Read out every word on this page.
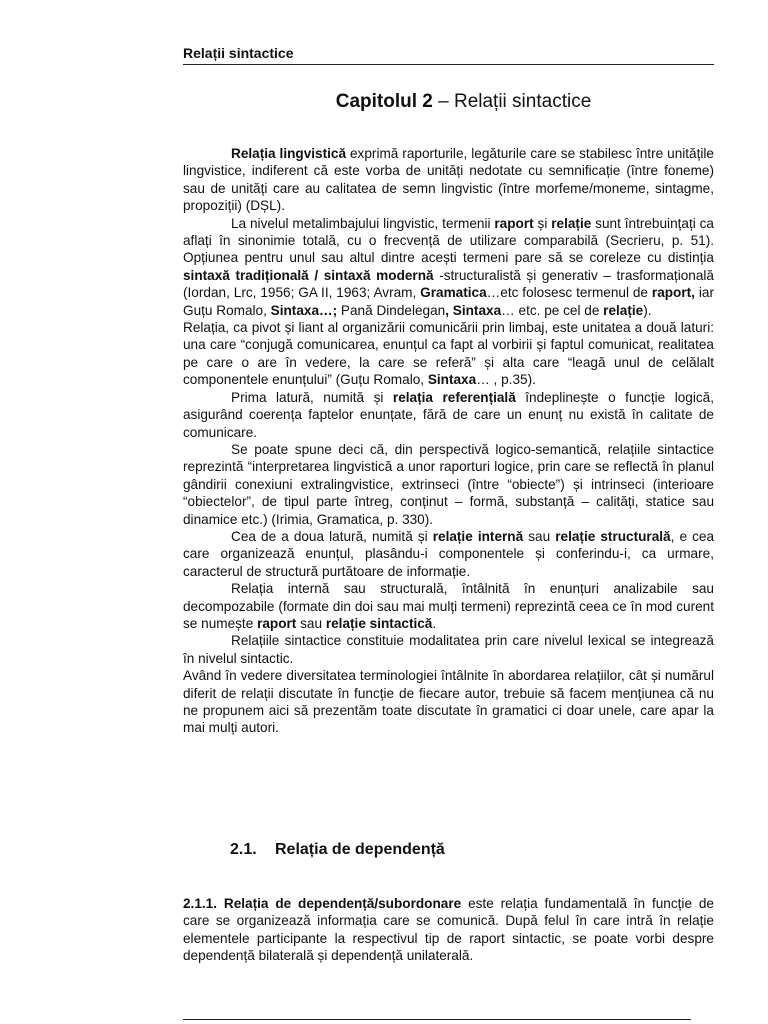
Relații sintactice
Capitolul 2 – Relații sintactice

Relația lingvistică exprimă raporturile, legăturile care se stabilesc între unitățile lingvistice, indiferent că este vorba de unități nedotate cu semnificație (între foneme) sau de unități care au calitatea de semn lingvistic (între morfeme/moneme, sintagme, propoziții) (DȘL).

La nivelul metalimbajului lingvistic, termenii raport și relație sunt întrebuințați ca aflați în sinonimie totală, cu o frecvență de utilizare comparabilă (Secrieru, p. 51). Opțiunea pentru unul sau altul dintre acești termeni pare să se coreleze cu distinția sintaxă tradițională / sintaxă modernă -structuralistă și generativ – trasformațională (Iordan, Lrc, 1956; GA II, 1963; Avram, Gramatica…etc folosesc termenul de raport, iar Guțu Romalo, Sintaxa…; Pană Dindelegan, Sintaxa… etc. pe cel de relație).

Relația, ca pivot și liant al organizării comunicării prin limbaj, este unitatea a două laturi: una care “conjugă comunicarea, enunțul ca fapt al vorbirii și faptul comunicat, realitatea pe care o are în vedere, la care se referă” și alta care “leagă unul de celălalt componentele enunțului” (Guțu Romalo, Sintaxa… , p.35).

Prima latură, numită și relația referențială îndeplinește o funcție logică, asigurând coerența faptelor enunțate, fără de care un enunț nu există în calitate de comunicare.

Se poate spune deci că, din perspectivă logico-semantică, relațiile sintactice reprezintă “interpretarea lingvistică a unor raporturi logice, prin care se reflectă în planul gândirii conexiuni extralingvistice, extrinseci (între “obiecte”) și intrinseci (interioare “obiectelor”, de tipul parte întreg, conținut – formă, substanță – calități, statice sau dinamice etc.) (Irimia, Gramatica, p. 330).

Cea de a doua latură, numită și relație internă sau relație structurală, e cea care organizează enunțul, plasându-i componentele și conferindu-i, ca urmare, caracterul de structură purtătoare de informație.

Relația internă sau structurală, întâlnită în enunțuri analizabile sau decompozabile (formate din doi sau mai mulți termeni) reprezintă ceea ce în mod curent se numește raport sau relație sintactică.

Relațiile sintactice constituie modalitatea prin care nivelul lexical se integrează în nivelul sintactic.

Având în vedere diversitatea terminologiei întâlnite în abordarea relațiilor, cât și numărul diferit de relații discutate în funcție de fiecare autor, trebuie să facem mențiunea că nu ne propunem aici să prezentăm toate discutate în gramatici ci doar unele, care apar la mai mulți autori.

2.1. Relația de dependență

2.1.1. Relația de dependență/subordonare este relația fundamentală în funcție de care se organizează informația care se comunică. După felul în care intră în relație elementele participante la respectivul tip de raport sintactic, se poate vorbi despre dependență bilaterală și dependență unilaterală.
